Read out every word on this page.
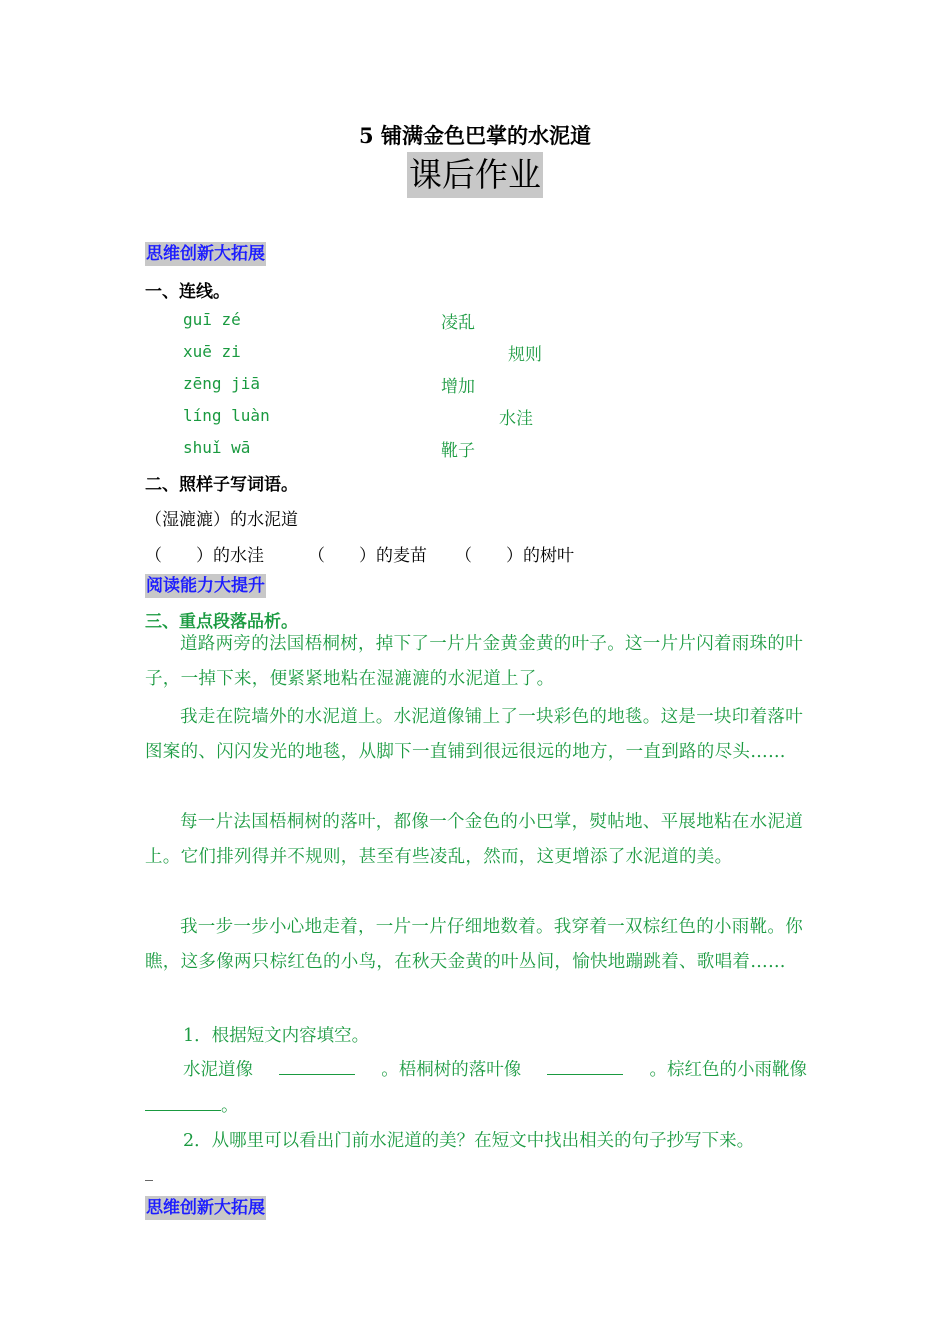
5 铺满金色巴掌的水泥道
课后作业
思维创新大拓展
一、连线。
guī zé	凌乱
xuē zi	规则
zēng jiā	增加
líng luàn	水洼
shuǐ wā	靴子
二、照样子写词语。
（湿漉漉）的水泥道
（　　）的水洼	（　　）的麦苗 （　　）的树叶
阅读能力大提升
三、重点段落品析。
道路两旁的法国梧桐树，掉下了一片片金黄金黄的叶子。这一片片闪着雨珠的叶子，一掉下来，便紧紧地粘在湿漉漉的水泥道上了。
我走在院墙外的水泥道上。水泥道像铺上了一块彩色的地毯。这是一块印着落叶图案的、闪闪发光的地毯，从脚下一直铺到很远很远的地方，一直到路的尽头……
每一片法国梧桐树的落叶，都像一个金色的小巴掌，熨帖地、平展地粘在水泥道上。它们排列得并不规则，甚至有些凌乱，然而，这更增添了水泥道的美。
我一步一步小心地走着，一片一片仔细地数着。我穿着一双棕红色的小雨靴。你瞧，这多像两只棕红色的小鸟，在秋天金黄的叶丛间，愉快地蹦跳着、歌唱着……
1．根据短文内容填空。
水泥道像	。梧桐树的落叶像	。棕红色的小雨靴像
。
2．从哪里可以看出门前水泥道的美？在短文中找出相关的句子抄写下来。
_
思维创新大拓展
